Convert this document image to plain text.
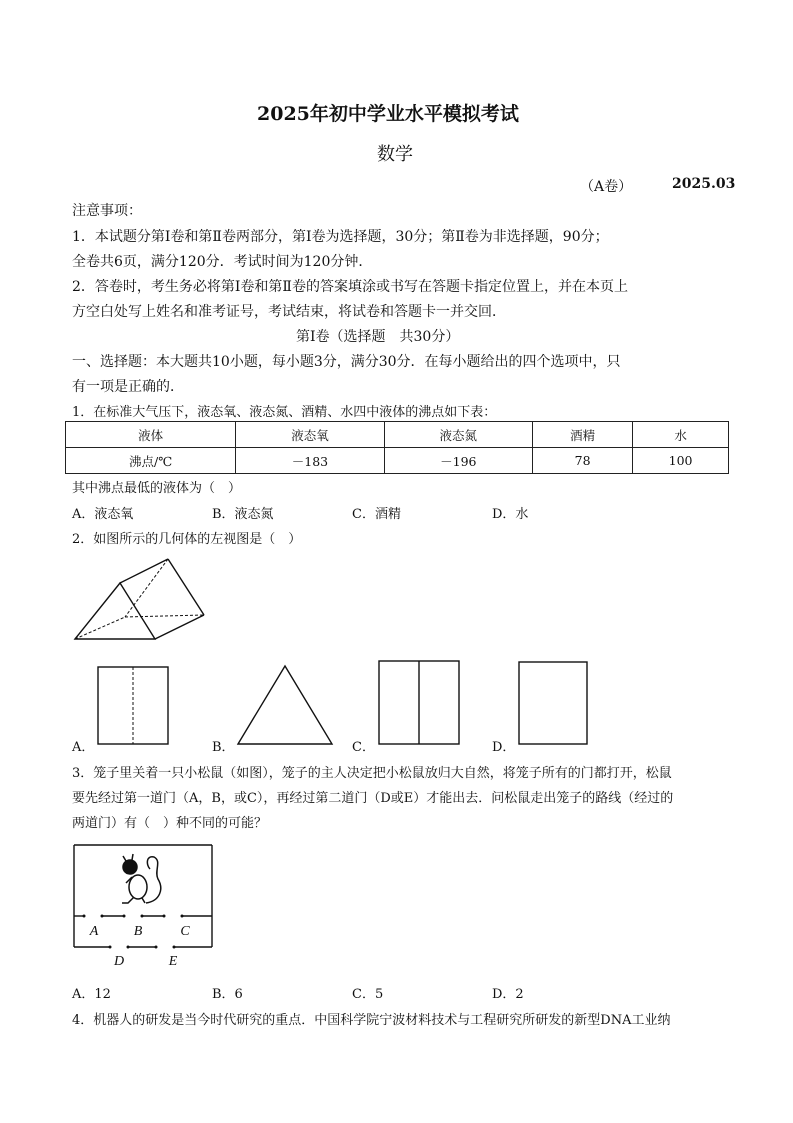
2025年初中学业水平模拟考试
数学
（A卷）	2025.03
注意事项：
1．本试题分第Ⅰ卷和第Ⅱ卷两部分，第Ⅰ卷为选择题，30分；第Ⅱ卷为非选择题，90分；
全卷共6页，满分120分．考试时间为120分钟．
2．答卷时，考生务必将第Ⅰ卷和第Ⅱ卷的答案填涂或书写在答题卡指定位置上，并在本页上
方空白处写上姓名和准考证号，考试结束，将试卷和答题卡一并交回．
第Ⅰ卷（选择题　共30分）
一、选择题：本大题共10小题，每小题3分，满分30分．在每小题给出的四个选项中，只
有一项是正确的．
1．在标准大气压下，液态氧、液态氮、酒精、水四中液体的沸点如下表：
液体	液态氧	液态氮	酒精	水
沸点/℃	－183	－196	78	100
其中沸点最低的液体为（　）
A．液态氧	B．液态氮	C．酒精	D．水
2．如图所示的几何体的左视图是（　）
A．	B．	C．	D．
3．笼子里关着一只小松鼠（如图），笼子的主人决定把小松鼠放归大自然，将笼子所有的门都打开，松鼠
要先经过第一道门（A，B，或C），再经过第二道门（D或E）才能出去．问松鼠走出笼子的路线（经过的
两道门）有（　）种不同的可能？
A	B	C
D	E
A．12	B．6	C．5	D．2
4．机器人的研发是当今时代研究的重点．中国科学院宁波材料技术与工程研究所研发的新型DNA工业纳
